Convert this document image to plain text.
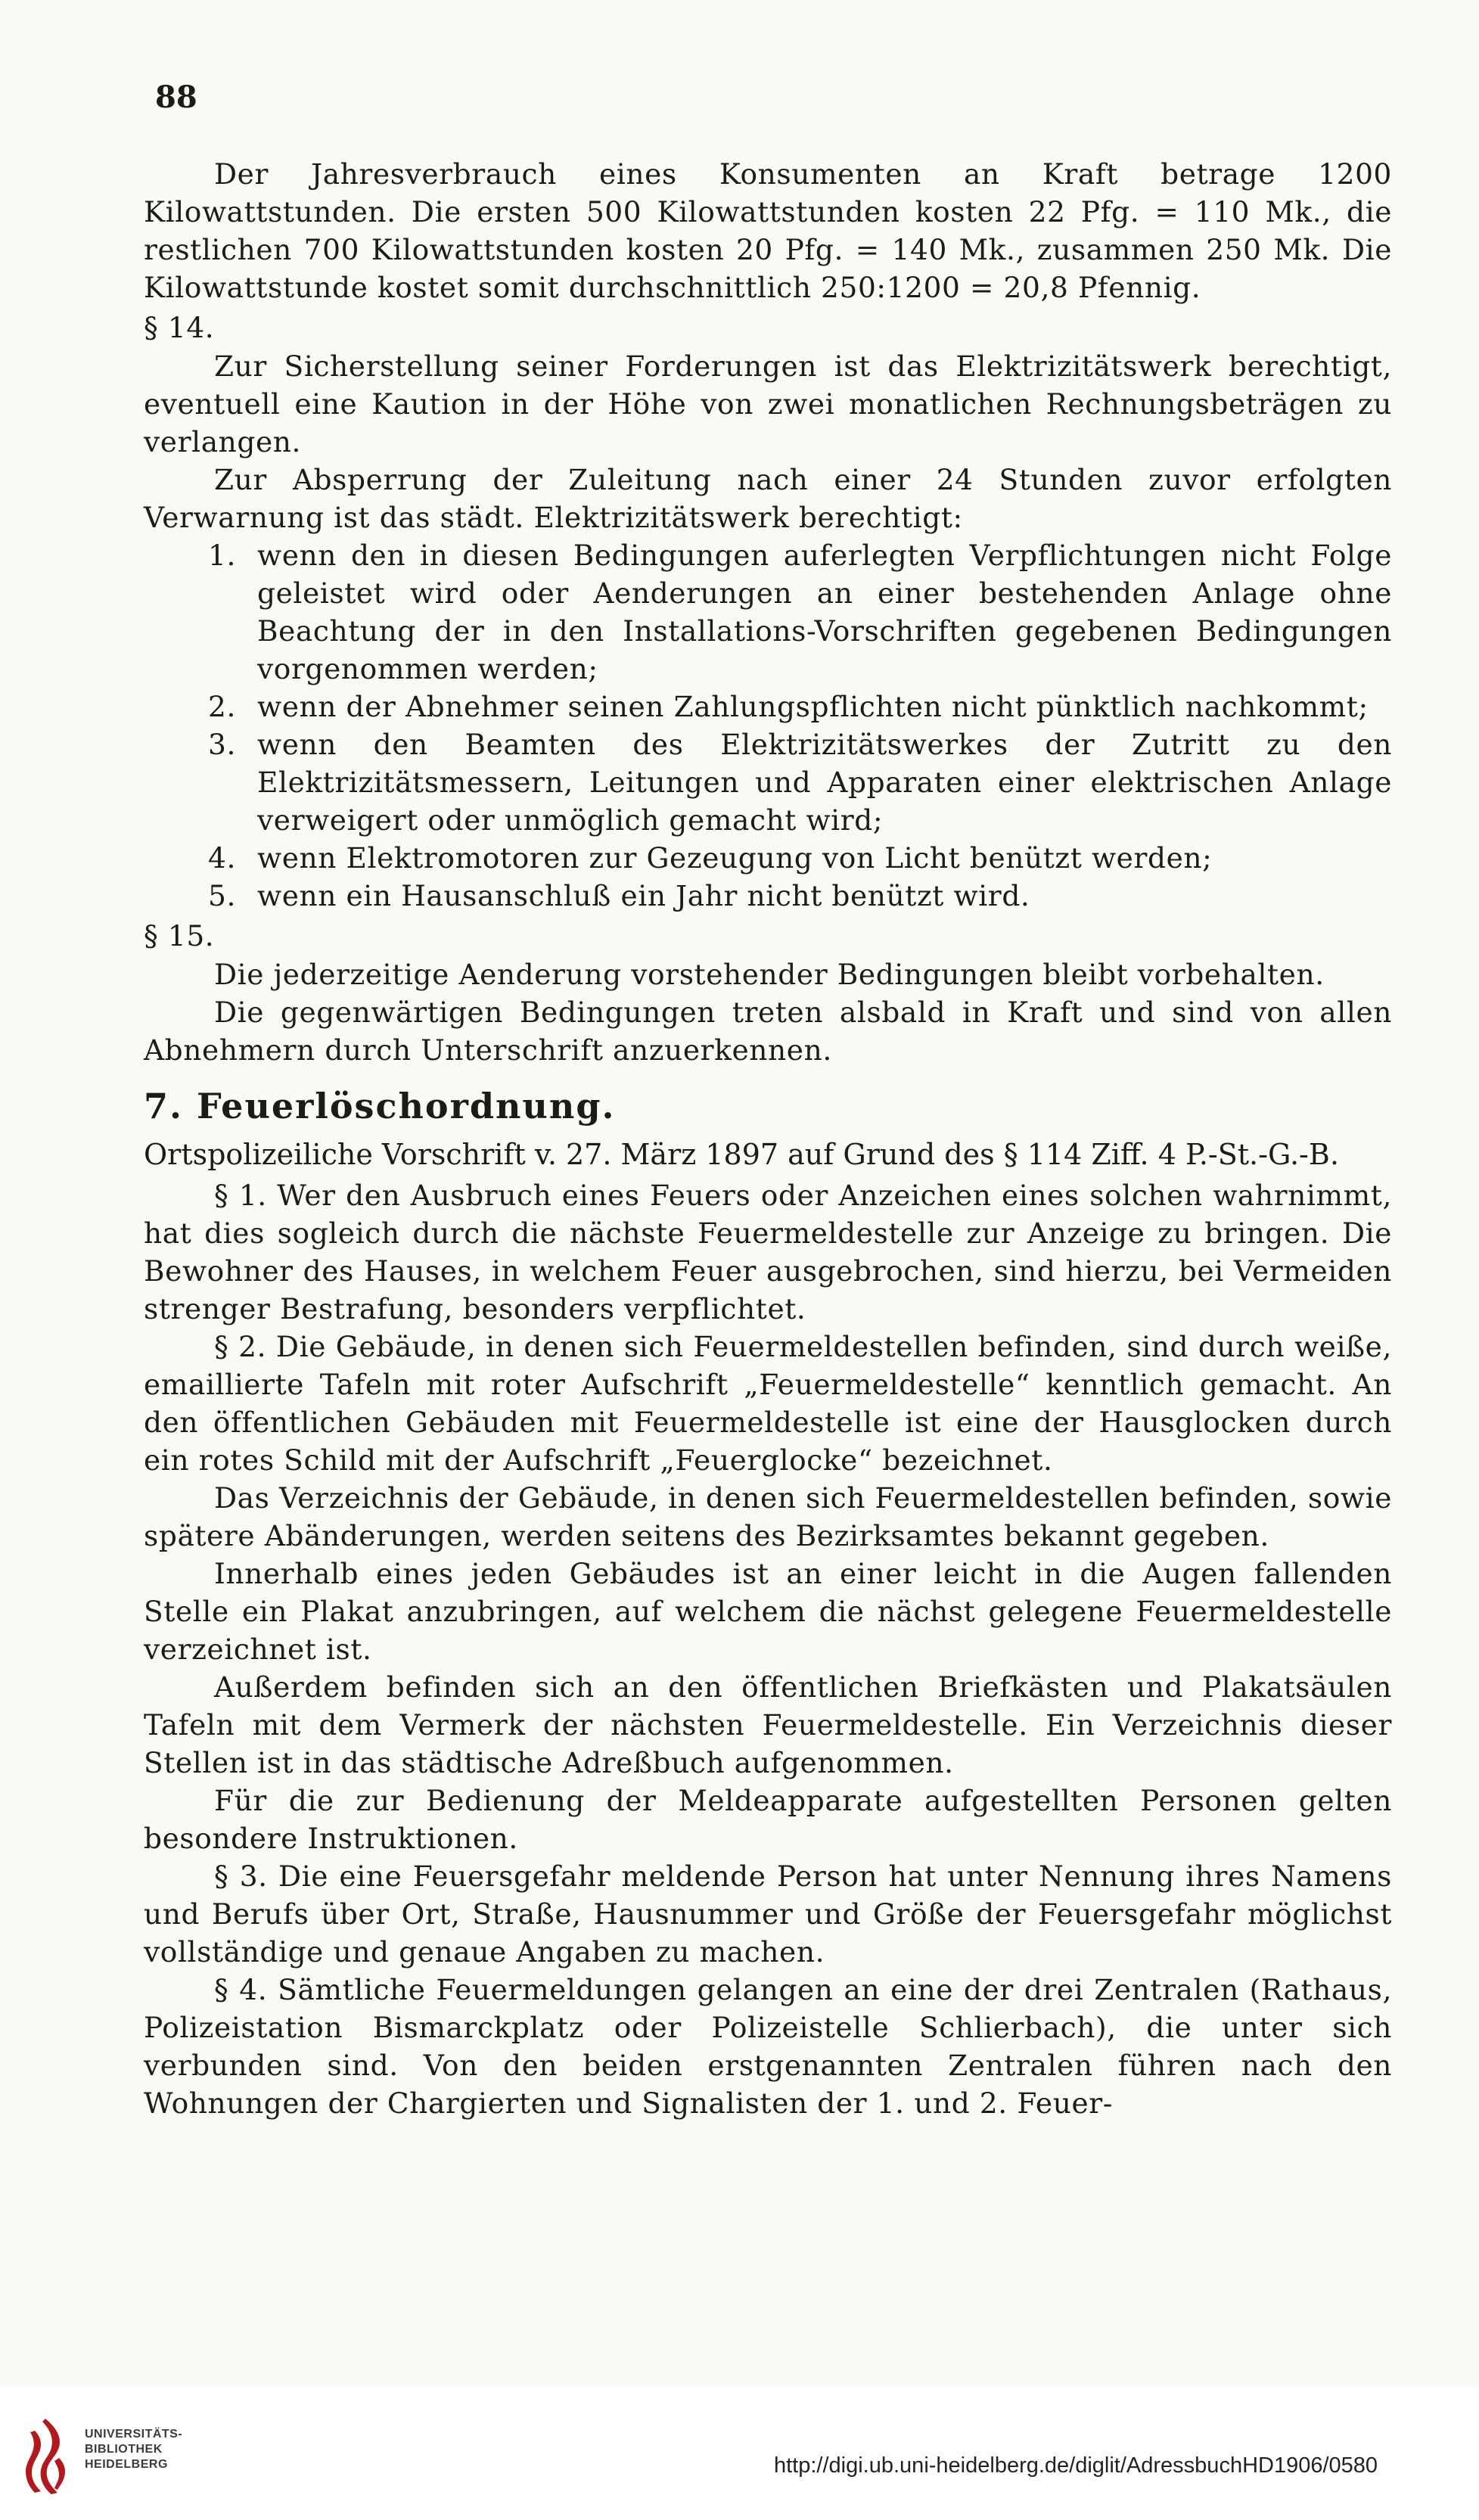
88

Der Jahresverbrauch eines Konsumenten an Kraft betrage 1200 Kilowattstunden. Die ersten 500 Kilowattstunden kosten 22 Pfg. = 110 Mk., die restlichen 700 Kilowattstunden kosten 20 Pfg. = 140 Mk., zusammen 250 Mk. Die Kilowattstunde kostet somit durchschnittlich 250:1200 = 20,8 Pfennig.

§ 14.

Zur Sicherstellung seiner Forderungen ist das Elektrizitätswerk berechtigt, eventuell eine Kaution in der Höhe von zwei monatlichen Rechnungsbeträgen zu verlangen.

Zur Absperrung der Zuleitung nach einer 24 Stunden zuvor erfolgten Verwarnung ist das städt. Elektrizitätswerk berechtigt:

1. wenn den in diesen Bedingungen auferlegten Verpflichtungen nicht Folge geleistet wird oder Aenderungen an einer bestehenden Anlage ohne Beachtung der in den Installations-Vorschriften gegebenen Bedingungen vorgenommen werden;
2. wenn der Abnehmer seinen Zahlungspflichten nicht pünktlich nachkommt;
3. wenn den Beamten des Elektrizitätswerkes der Zutritt zu den Elektrizitätsmessern, Leitungen und Apparaten einer elektrischen Anlage verweigert oder unmöglich gemacht wird;
4. wenn Elektromotoren zur Gezeugung von Licht benützt werden;
5. wenn ein Hausanschluß ein Jahr nicht benützt wird.

§ 15.

Die jederzeitige Aenderung vorstehender Bedingungen bleibt vorbehalten.

Die gegenwärtigen Bedingungen treten alsbald in Kraft und sind von allen Abnehmern durch Unterschrift anzuerkennen.

7. Feuerlöschordnung.

Ortspolizeiliche Vorschrift v. 27. März 1897 auf Grund des § 114 Ziff. 4 P.-St.-G.-B.

§ 1. Wer den Ausbruch eines Feuers oder Anzeichen eines solchen wahrnimmt, hat dies sogleich durch die nächste Feuermeldestelle zur Anzeige zu bringen. Die Bewohner des Hauses, in welchem Feuer ausgebrochen, sind hierzu, bei Vermeiden strenger Bestrafung, besonders verpflichtet.

§ 2. Die Gebäude, in denen sich Feuermeldestellen befinden, sind durch weiße, emaillierte Tafeln mit roter Aufschrift „Feuermeldestelle“ kenntlich gemacht. An den öffentlichen Gebäuden mit Feuermeldestelle ist eine der Hausglocken durch ein rotes Schild mit der Aufschrift „Feuerglocke“ bezeichnet.

Das Verzeichnis der Gebäude, in denen sich Feuermeldestellen befinden, sowie spätere Abänderungen, werden seitens des Bezirksamtes bekannt gegeben.

Innerhalb eines jeden Gebäudes ist an einer leicht in die Augen fallenden Stelle ein Plakat anzubringen, auf welchem die nächst gelegene Feuermeldestelle verzeichnet ist.

Außerdem befinden sich an den öffentlichen Briefkästen und Plakatsäulen Tafeln mit dem Vermerk der nächsten Feuermeldestelle. Ein Verzeichnis dieser Stellen ist in das städtische Adreßbuch aufgenommen.

Für die zur Bedienung der Meldeapparate aufgestellten Personen gelten besondere Instruktionen.

§ 3. Die eine Feuersgefahr meldende Person hat unter Nennung ihres Namens und Berufs über Ort, Straße, Hausnummer und Größe der Feuersgefahr möglichst vollständige und genaue Angaben zu machen.

§ 4. Sämtliche Feuermeldungen gelangen an eine der drei Zentralen (Rathaus, Polizeistation Bismarckplatz oder Polizeistelle Schlierbach), die unter sich verbunden sind. Von den beiden erstgenannten Zentralen führen nach den Wohnungen der Chargierten und Signalisten der 1. und 2. Feuer-

UNIVERSITÄTS-
BIBLIOTHEK
HEIDELBERG	http://digi.ub.uni-heidelberg.de/diglit/AdressbuchHD1906/0580
